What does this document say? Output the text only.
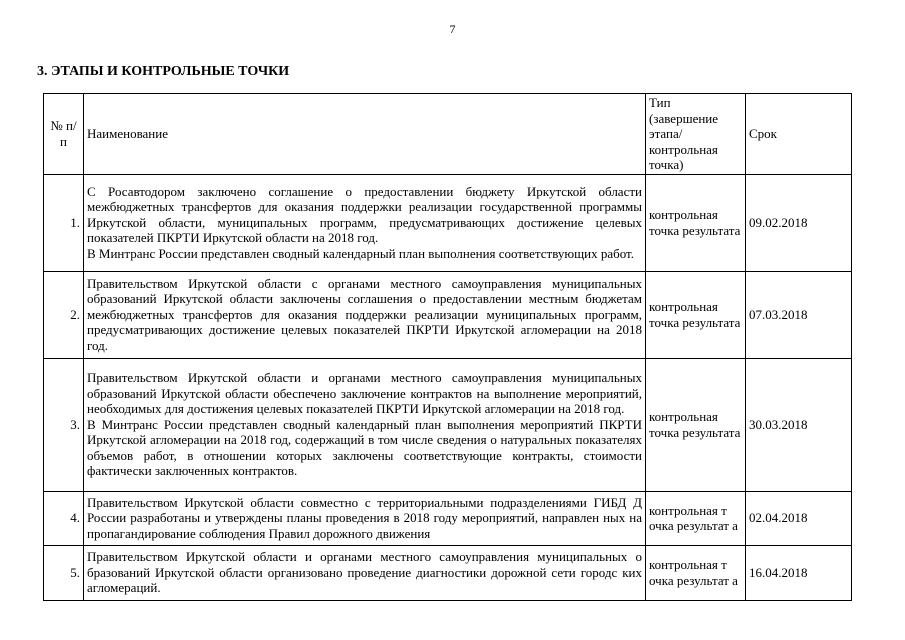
7
3. ЭТАПЫ И КОНТРОЛЬНЫЕ ТОЧКИ
№ п/п	Наименование	Тип (завершение этапа/контрольная точка)	Срок
1.	С Росавтодором заключено соглашение о предоставлении бюджету Иркутской области межбюджетных трансфертов для оказания поддержки реализации государственной программы Иркутской области, муниципальных программ, предусматривающих достижение целевых показателей ПКРТИ Иркутской области на 2018 год.
В Минтранс России представлен сводный календарный план выполнения соответствующих работ.	контрольная точка результата	09.02.2018
2.	Правительством Иркутской области с органами местного самоуправления муниципальных образований Иркутской области заключены соглашения о предоставлении местным бюджетам межбюджетных трансфертов для оказания поддержки реализации муниципальных программ, предусматривающих достижение целевых показателей ПКРТИ Иркутской агломерации на 2018 год.	контрольная точка результата	07.03.2018
3.	Правительством Иркутской области и органами местного самоуправления муниципальных образований Иркутской области обеспечено заключение контрактов на выполнение мероприятий, необходимых для достижения целевых показателей ПКРТИ Иркутской агломерации на 2018 год.
В Минтранс России представлен сводный календарный план выполнения мероприятий ПКРТИ Иркутской агломерации на 2018 год, содержащий в том числе сведения о натуральных показателях объемов работ, в отношении которых заключены соответствующие контракты, стоимости фактически заключенных контрактов.	контрольная точка результата	30.03.2018
4.	Правительством Иркутской области совместно с территориальными подразделениями ГИБД Д России разработаны и утверждены планы проведения в 2018 году мероприятий, направлен ных на пропагандирование соблюдения Правил дорожного движения	контрольная т очка результат а	02.04.2018
5.	Правительством Иркутской области и органами местного самоуправления муниципальных о бразований Иркутской области организовано проведение диагностики дорожной сети городс ких агломераций.	контрольная т очка результат а	16.04.2018
